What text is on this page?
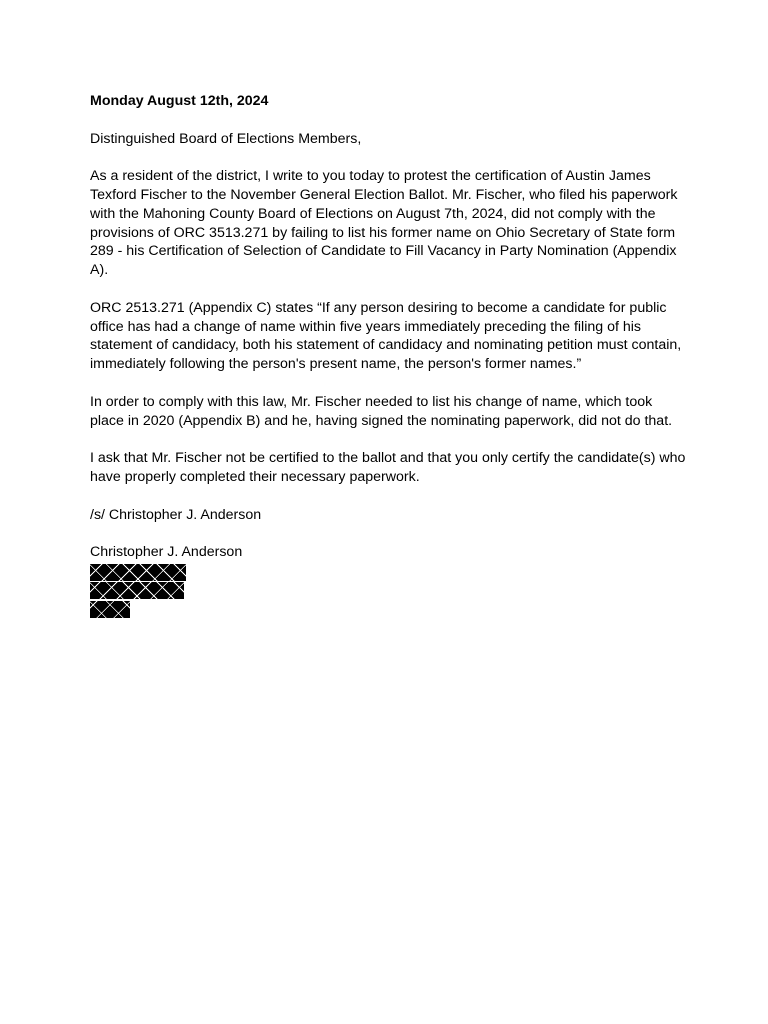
Monday August 12th, 2024

Distinguished Board of Elections Members,

As a resident of the district, I write to you today to protest the certification of Austin James Texford Fischer to the November General Election Ballot. Mr. Fischer, who filed his paperwork with the Mahoning County Board of Elections on August 7th, 2024, did not comply with the provisions of ORC 3513.271 by failing to list his former name on Ohio Secretary of State form 289 - his Certification of Selection of Candidate to Fill Vacancy in Party Nomination (Appendix A).

ORC 2513.271 (Appendix C) states “If any person desiring to become a candidate for public office has had a change of name within five years immediately preceding the filing of his statement of candidacy, both his statement of candidacy and nominating petition must contain, immediately following the person's present name, the person's former names.”

In order to comply with this law, Mr. Fischer needed to list his change of name, which took place in 2020 (Appendix B) and he, having signed the nominating paperwork, did not do that.

I ask that Mr. Fischer not be certified to the ballot and that you only certify the candidate(s) who have properly completed their necessary paperwork.

/s/ Christopher J. Anderson

Christopher J. Anderson
